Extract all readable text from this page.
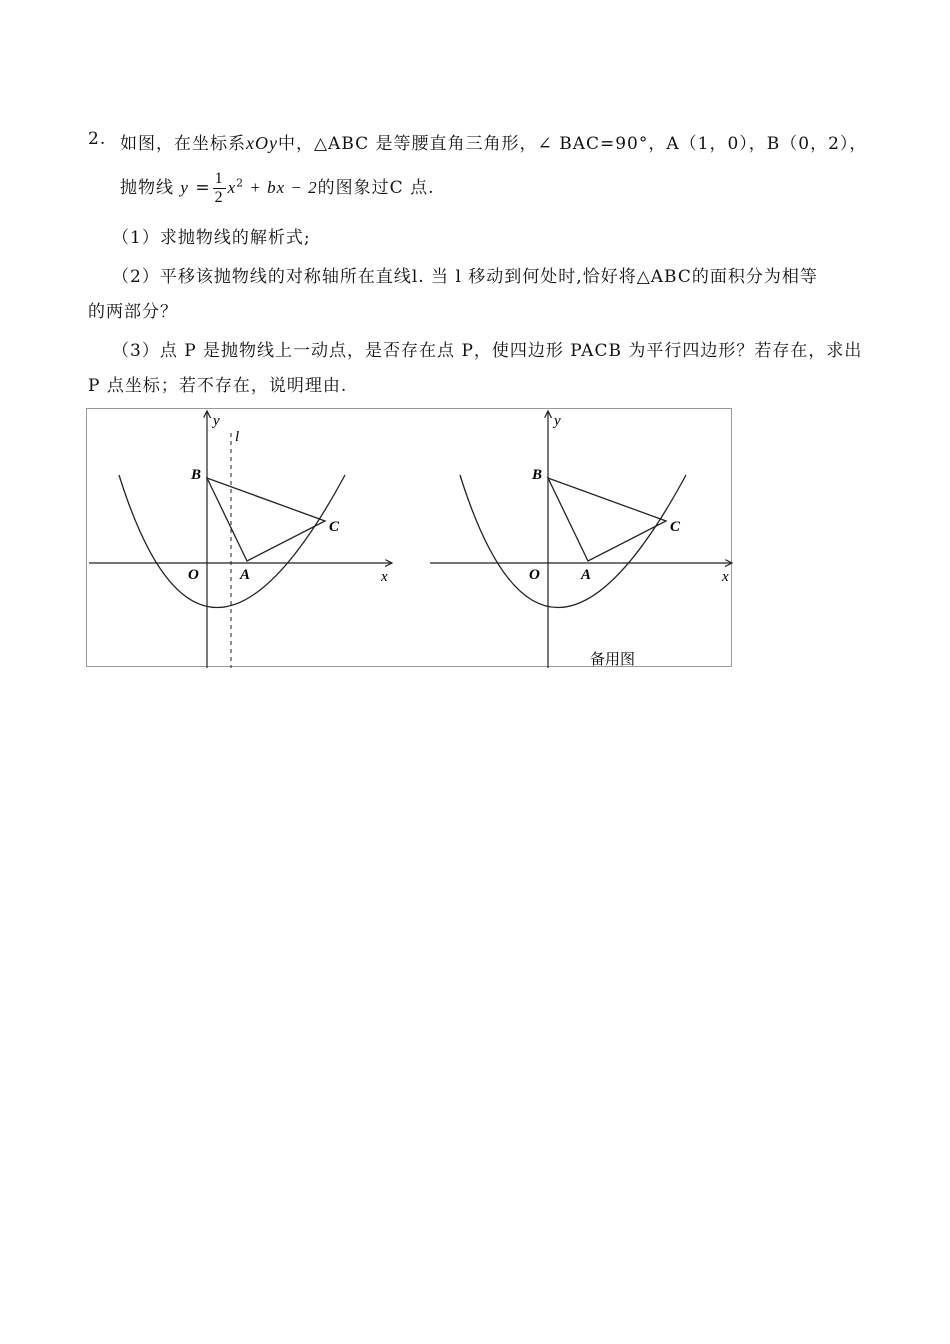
2. 如图，在坐标系xOy中，△ABC 是等腰直角三角形，∠ BAC=90°，A（1，0），B（0，2），
抛物线 $y = \frac{1}{2} x^2$ + bx − 2的图象过C 点.
（1）求抛物线的解析式;
（2）平移该抛物线的对称轴所在直线l. 当 l 移动到何处时,恰好将△ABC的面积分为相等
的两部分？
（3）点 P 是抛物线上一动点，是否存在点 P，使四边形 PACB 为平行四边形？若存在，求出
P 点坐标；若不存在，说明理由.
y
l
B
C
O	A	x
y
B
C
O	A	x
备用图
